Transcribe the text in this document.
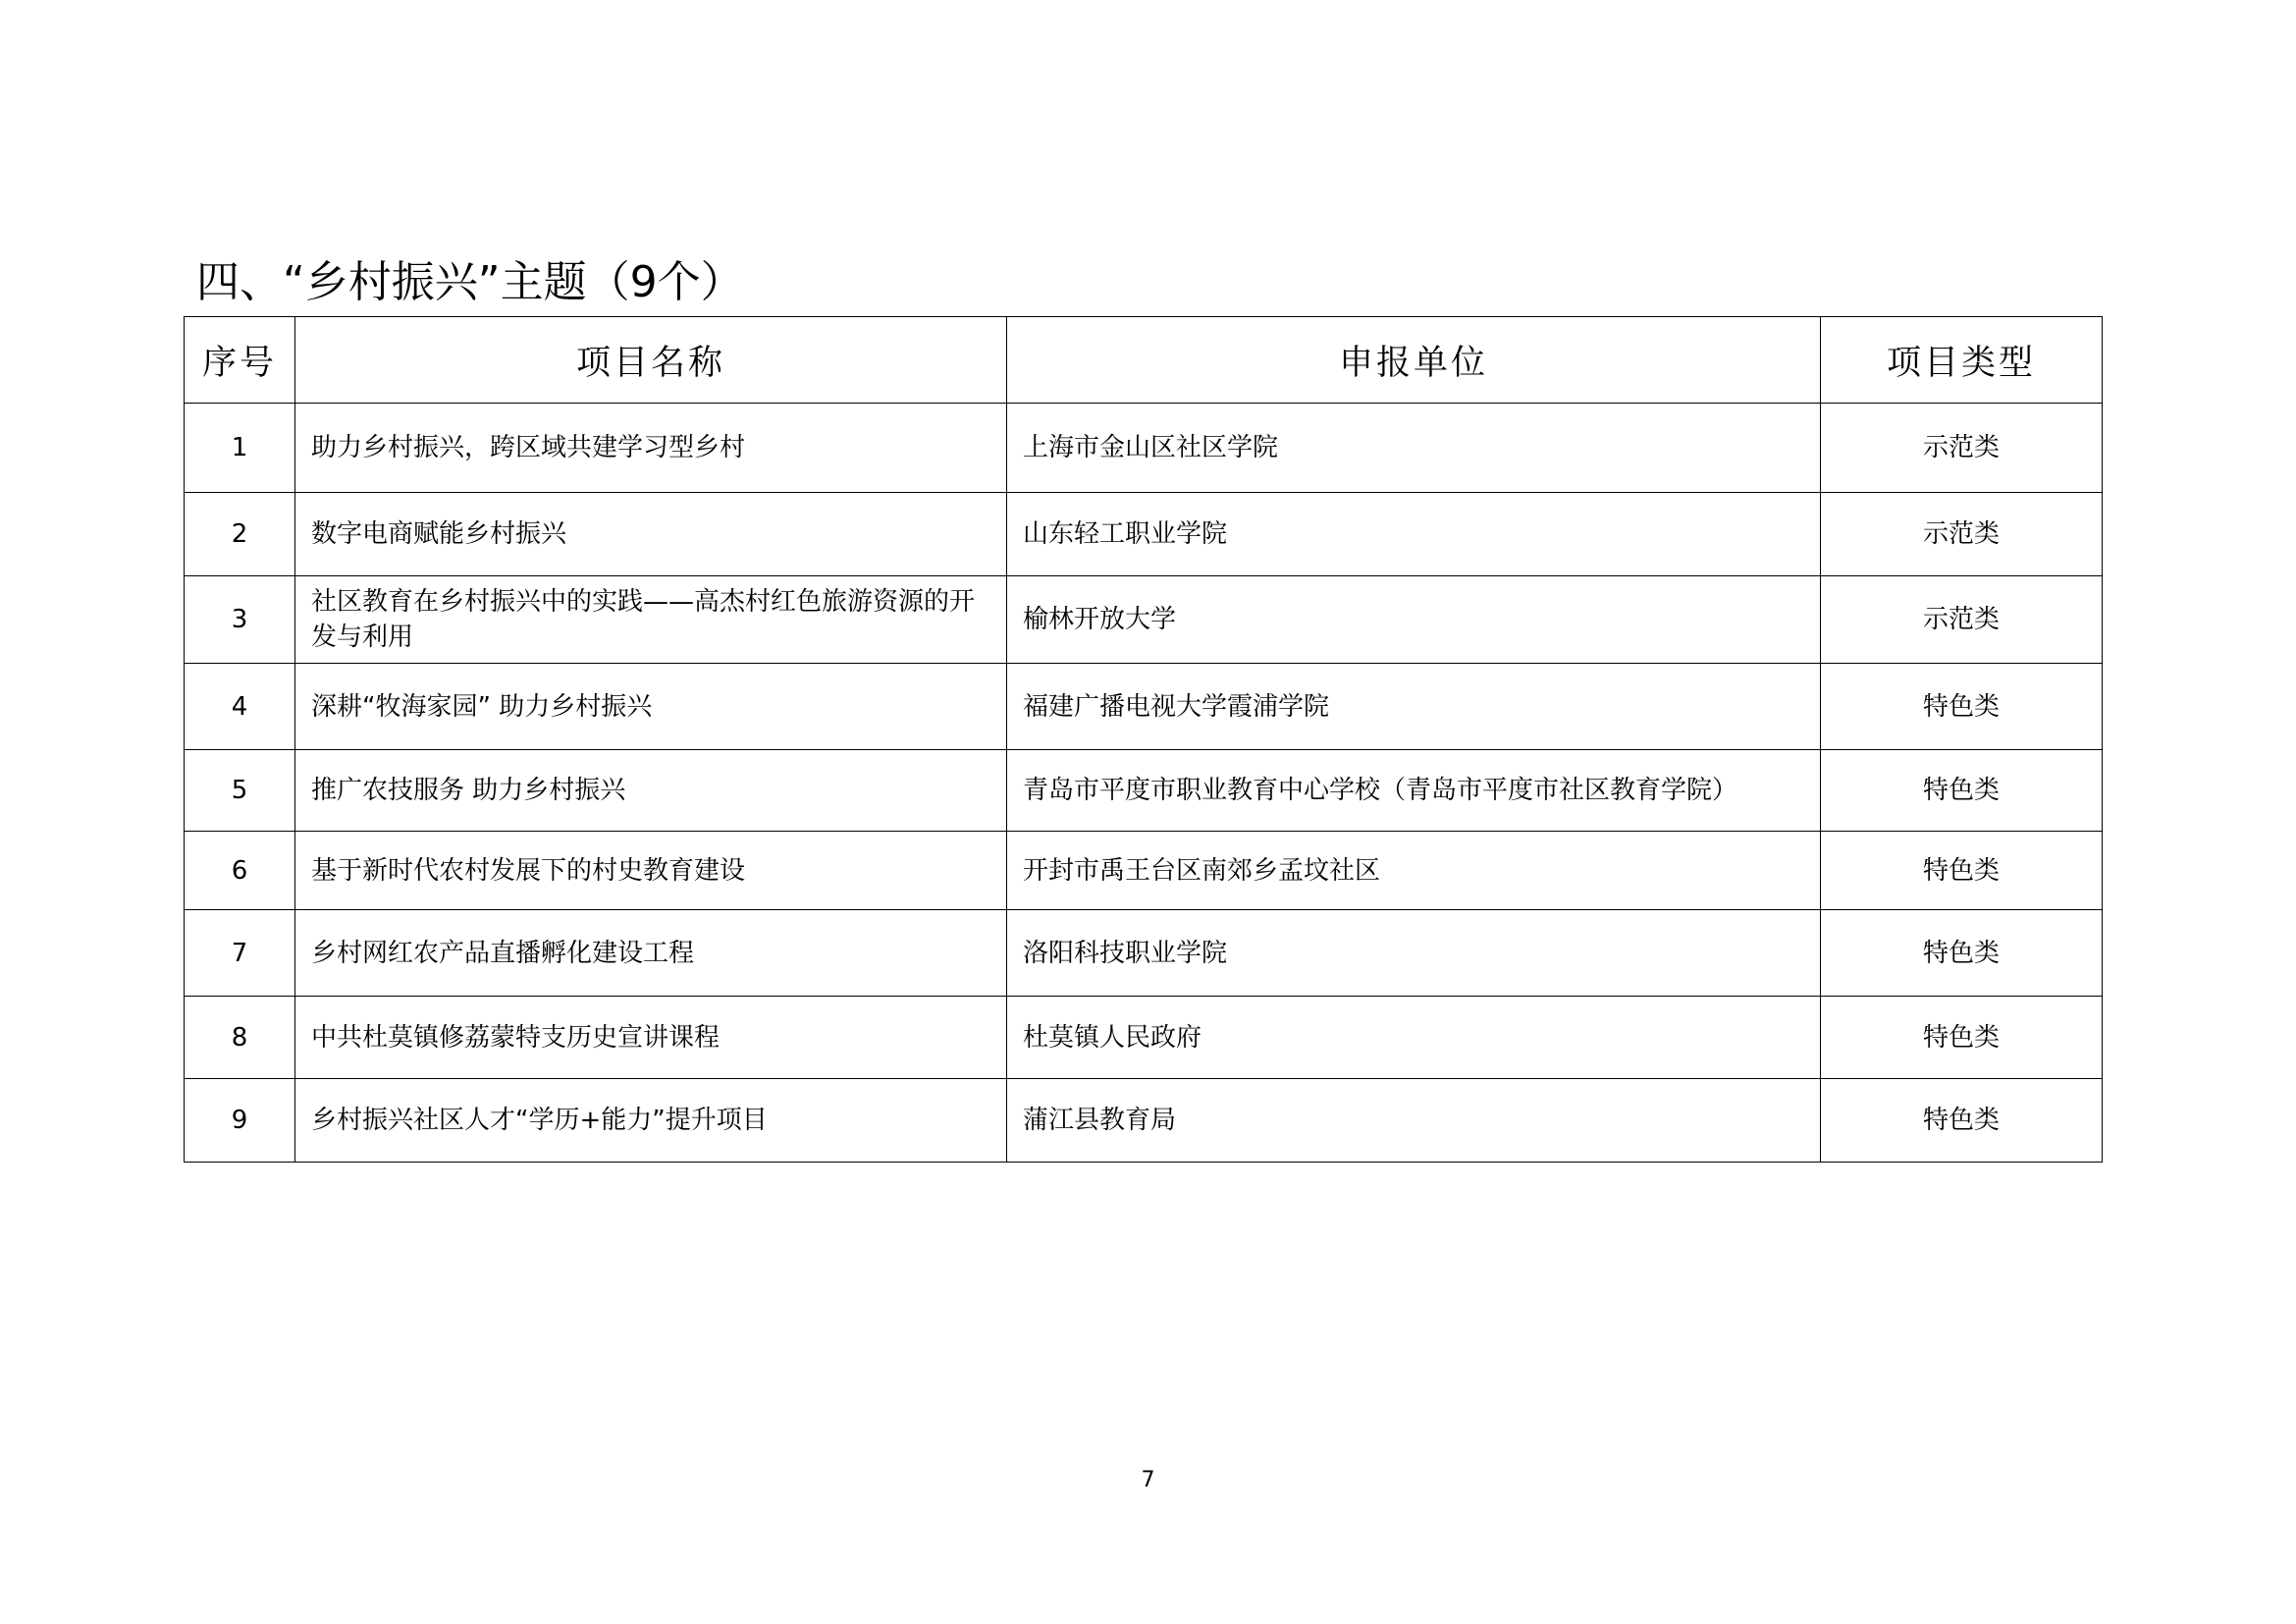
四、“乡村振兴”主题（9个）
序号	项目名称	申报单位	项目类型
1	助力乡村振兴，跨区域共建学习型乡村	上海市金山区社区学院	示范类
2	数字电商赋能乡村振兴	山东轻工职业学院	示范类
3	社区教育在乡村振兴中的实践——高杰村红色旅游资源的开发与利用	榆林开放大学	示范类
4	深耕“牧海家园” 助力乡村振兴	福建广播电视大学霞浦学院	特色类
5	推广农技服务 助力乡村振兴	青岛市平度市职业教育中心学校（青岛市平度市社区教育学院）	特色类
6	基于新时代农村发展下的村史教育建设	开封市禹王台区南郊乡孟坟社区	特色类
7	乡村网红农产品直播孵化建设工程	洛阳科技职业学院	特色类
8	中共杜莫镇修荔蒙特支历史宣讲课程	杜莫镇人民政府	特色类
9	乡村振兴社区人才“学历+能力”提升项目	蒲江县教育局	特色类
7
